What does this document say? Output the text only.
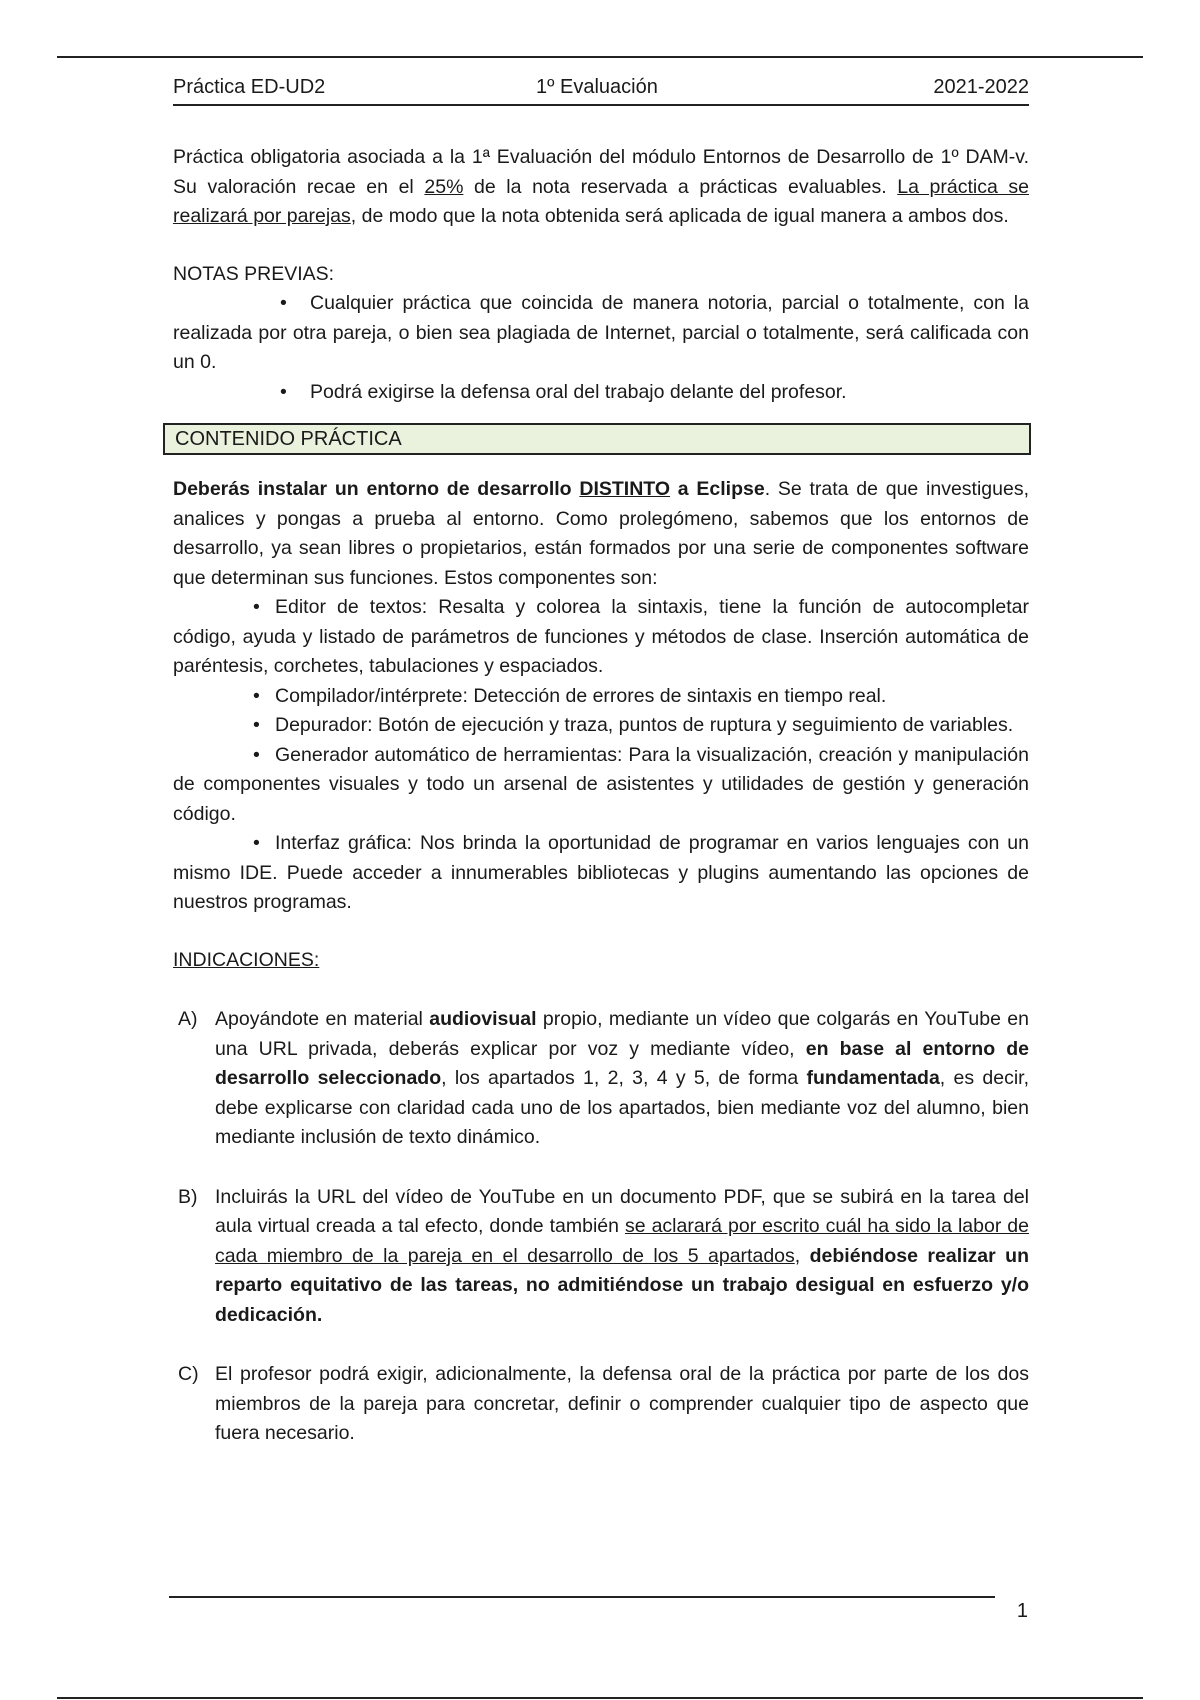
Práctica ED-UD2	1º Evaluación	2021-2022

Práctica obligatoria asociada a la 1ª Evaluación del módulo Entornos de Desarrollo de 1º DAM-v. Su valoración recae en el 25% de la nota reservada a prácticas evaluables. La práctica se realizará por parejas, de modo que la nota obtenida será aplicada de igual manera a ambos dos.

NOTAS PREVIAS:

• Cualquier práctica que coincida de manera notoria, parcial o totalmente, con la realizada por otra pareja, o bien sea plagiada de Internet, parcial o totalmente, será calificada con un 0.

• Podrá exigirse la defensa oral del trabajo delante del profesor.

CONTENIDO PRÁCTICA

Deberás instalar un entorno de desarrollo DISTINTO a Eclipse. Se trata de que investigues, analices y pongas a prueba al entorno. Como prolegómeno, sabemos que los entornos de desarrollo, ya sean libres o propietarios, están formados por una serie de componentes software que determinan sus funciones. Estos componentes son:

• Editor de textos: Resalta y colorea la sintaxis, tiene la función de autocompletar código, ayuda y listado de parámetros de funciones y métodos de clase. Inserción automática de paréntesis, corchetes, tabulaciones y espaciados.

• Compilador/intérprete: Detección de errores de sintaxis en tiempo real.

• Depurador: Botón de ejecución y traza, puntos de ruptura y seguimiento de variables.

• Generador automático de herramientas: Para la visualización, creación y manipulación de componentes visuales y todo un arsenal de asistentes y utilidades de gestión y generación código.

• Interfaz gráfica: Nos brinda la oportunidad de programar en varios lenguajes con un mismo IDE. Puede acceder a innumerables bibliotecas y plugins aumentando las opciones de nuestros programas.

INDICACIONES:

A) Apoyándote en material audiovisual propio, mediante un vídeo que colgarás en YouTube en una URL privada, deberás explicar por voz y mediante vídeo, en base al entorno de desarrollo seleccionado, los apartados 1, 2, 3, 4 y 5, de forma fundamentada, es decir, debe explicarse con claridad cada uno de los apartados, bien mediante voz del alumno, bien mediante inclusión de texto dinámico.
B) Incluirás la URL del vídeo de YouTube en un documento PDF, que se subirá en la tarea del aula virtual creada a tal efecto, donde también se aclarará por escrito cuál ha sido la labor de cada miembro de la pareja en el desarrollo de los 5 apartados, debiéndose realizar un reparto equitativo de las tareas, no admitiéndose un trabajo desigual en esfuerzo y/o dedicación.
C) El profesor podrá exigir, adicionalmente, la defensa oral de la práctica por parte de los dos miembros de la pareja para concretar, definir o comprender cualquier tipo de aspecto que fuera necesario.
1
